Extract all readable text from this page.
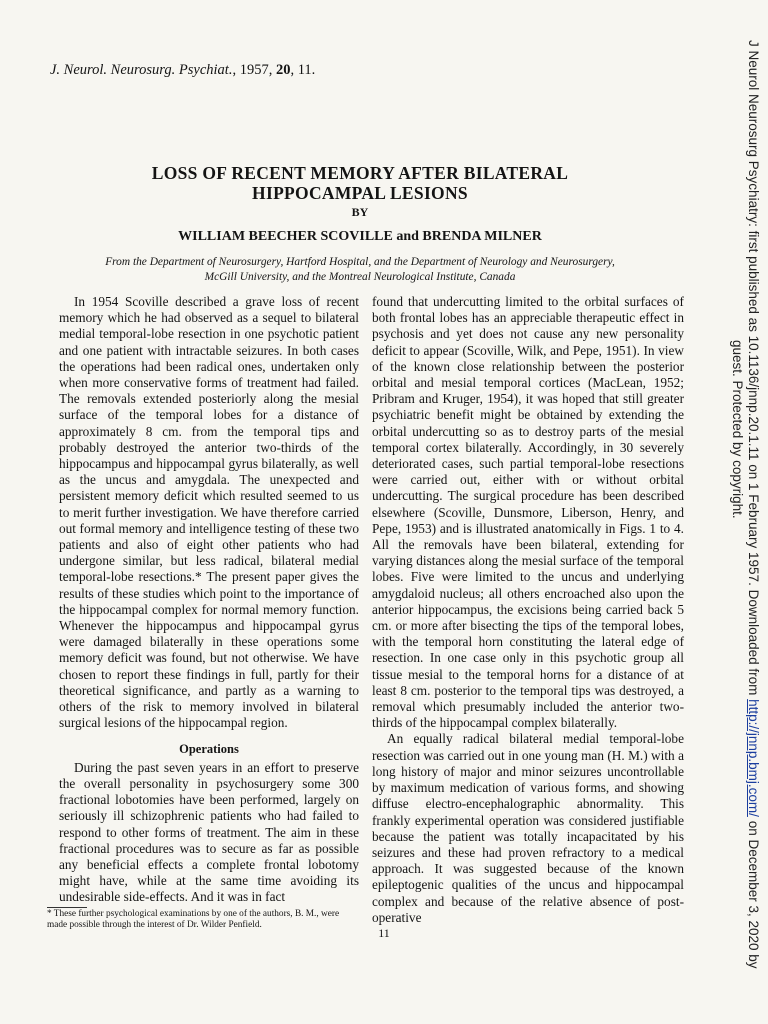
J. Neurol. Neurosurg. Psychiat., 1957, 20, 11.
LOSS OF RECENT MEMORY AFTER BILATERAL
HIPPOCAMPAL LESIONS
BY
WILLIAM BEECHER SCOVILLE and BRENDA MILNER
From the Department of Neurosurgery, Hartford Hospital, and the Department of Neurology and Neurosurgery,
McGill University, and the Montreal Neurological Institute, Canada

In 1954 Scoville described a grave loss of recent memory which he had observed as a sequel to bilateral medial temporal-lobe resection in one psychotic patient and one patient with intractable seizures. In both cases the operations had been radical ones, undertaken only when more conservative forms of treatment had failed. The removals extended posteriorly along the mesial surface of the temporal lobes for a distance of approximately 8 cm. from the temporal tips and probably destroyed the anterior two-thirds of the hippocampus and hippocampal gyrus bilaterally, as well as the uncus and amygdala. The unexpected and persistent memory deficit which resulted seemed to us to merit further investigation. We have therefore carried out formal memory and intelligence testing of these two patients and also of eight other patients who had undergone similar, but less radical, bilateral medial temporal-lobe resections.* The present paper gives the results of these studies which point to the importance of the hippocampal complex for normal memory function. Whenever the hippocampus and hippocampal gyrus were damaged bilaterally in these operations some memory deficit was found, but not otherwise. We have chosen to report these findings in full, partly for their theoretical significance, and partly as a warning to others of the risk to memory involved in bilateral surgical lesions of the hippocampal region.

Operations

During the past seven years in an effort to preserve the overall personality in psychosurgery some 300 fractional lobotomies have been performed, largely on seriously ill schizophrenic patients who had failed to respond to other forms of treatment. The aim in these fractional procedures was to secure as far as possible any beneficial effects a complete frontal lobotomy might have, while at the same time avoiding its undesirable side-effects. And it was in fact

found that undercutting limited to the orbital surfaces of both frontal lobes has an appreciable therapeutic effect in psychosis and yet does not cause any new personality deficit to appear (Scoville, Wilk, and Pepe, 1951). In view of the known close relationship between the posterior orbital and mesial temporal cortices (MacLean, 1952; Pribram and Kruger, 1954), it was hoped that still greater psychiatric benefit might be obtained by extending the orbital undercutting so as to destroy parts of the mesial temporal cortex bilaterally. Accordingly, in 30 severely deteriorated cases, such partial temporal-lobe resections were carried out, either with or without orbital undercutting. The surgical procedure has been described elsewhere (Scoville, Dunsmore, Liberson, Henry, and Pepe, 1953) and is illustrated anatomically in Figs. 1 to 4. All the removals have been bilateral, extending for varying distances along the mesial surface of the temporal lobes. Five were limited to the uncus and underlying amygdaloid nucleus; all others encroached also upon the anterior hippocampus, the excisions being carried back 5 cm. or more after bisecting the tips of the temporal lobes, with the temporal horn constituting the lateral edge of resection. In one case only in this psychotic group all tissue mesial to the temporal horns for a distance of at least 8 cm. posterior to the temporal tips was destroyed, a removal which presumably included the anterior two-thirds of the hippocampal complex bilaterally.

An equally radical bilateral medial temporal-lobe resection was carried out in one young man (H. M.) with a long history of major and minor seizures uncontrollable by maximum medication of various forms, and showing diffuse electro-encephalographic abnormality. This frankly experimental operation was considered justifiable because the patient was totally incapacitated by his seizures and these had proven refractory to a medical approach. It was suggested because of the known epileptogenic qualities of the uncus and hippocampal complex and because of the relative absence of post-operative

* These further psychological examinations by one of the authors, B. M., were made possible through the interest of Dr. Wilder Penfield.
11
J Neurol Neurosurg Psychiatry: first published as 10.1136/jnnp.20.1.11 on 1 February 1957. Downloaded from http://jnnp.bmj.com/ on December 3, 2020 by
guest. Protected by copyright.
